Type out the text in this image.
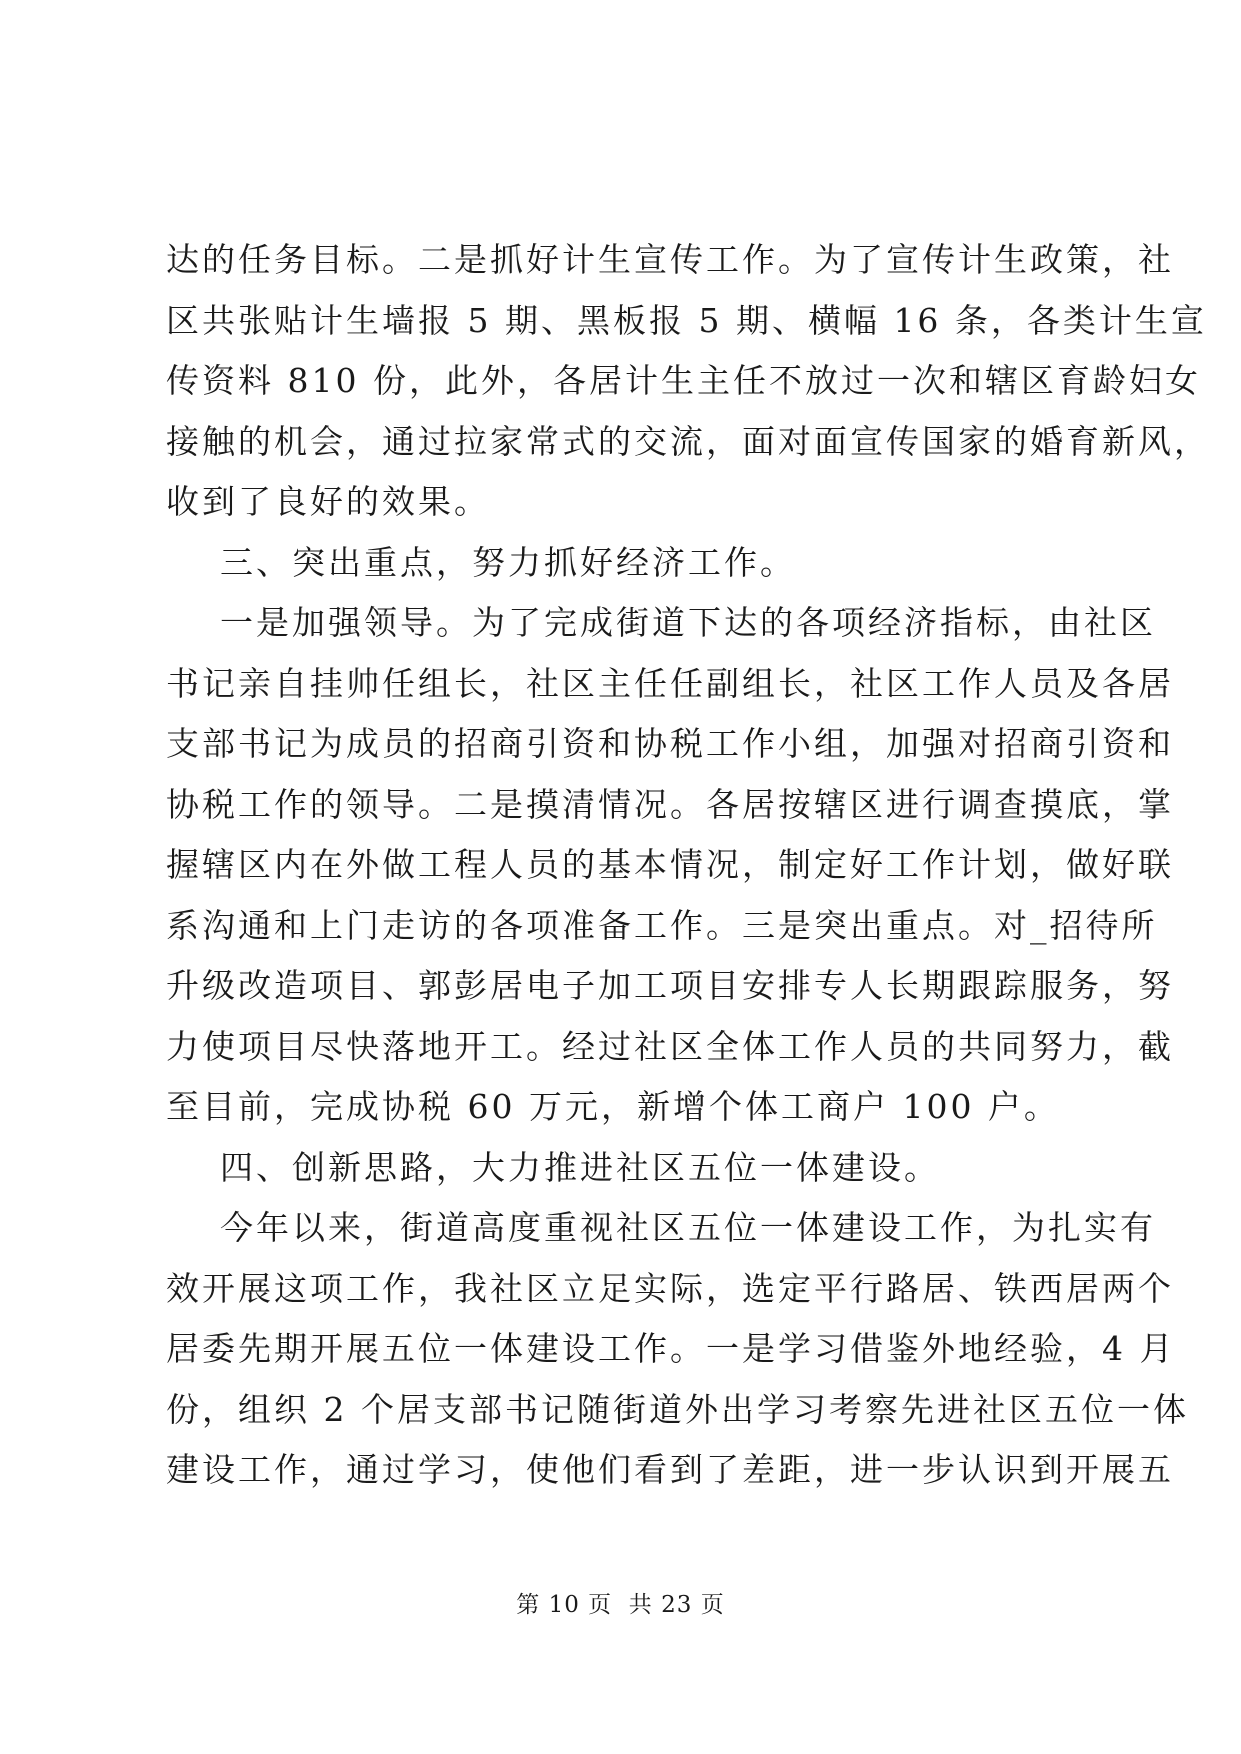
达的任务目标。二是抓好计生宣传工作。为了宣传计生政策，社
区共张贴计生墙报 5 期、黑板报 5 期、横幅 16 条，各类计生宣
传资料 810 份，此外，各居计生主任不放过一次和辖区育龄妇女
接触的机会，通过拉家常式的交流，面对面宣传国家的婚育新风，
收到了良好的效果。
三、突出重点，努力抓好经济工作。
一是加强领导。为了完成街道下达的各项经济指标，由社区
书记亲自挂帅任组长，社区主任任副组长，社区工作人员及各居
支部书记为成员的招商引资和协税工作小组，加强对招商引资和
协税工作的领导。二是摸清情况。各居按辖区进行调查摸底，掌
握辖区内在外做工程人员的基本情况，制定好工作计划，做好联
系沟通和上门走访的各项准备工作。三是突出重点。对_招待所
升级改造项目、郭彭居电子加工项目安排专人长期跟踪服务，努
力使项目尽快落地开工。经过社区全体工作人员的共同努力，截
至目前，完成协税 60 万元，新增个体工商户 100 户。
四、创新思路，大力推进社区五位一体建设。
今年以来，街道高度重视社区五位一体建设工作，为扎实有
效开展这项工作，我社区立足实际，选定平行路居、铁西居两个
居委先期开展五位一体建设工作。一是学习借鉴外地经验，4 月
份，组织 2 个居支部书记随街道外出学习考察先进社区五位一体
建设工作，通过学习，使他们看到了差距，进一步认识到开展五
第 10 页  共 23 页
